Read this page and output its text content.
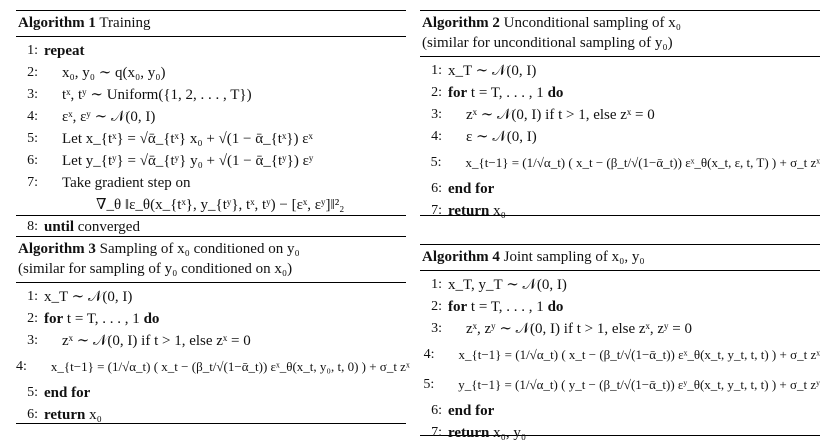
Algorithm 1 Training
1: repeat
2:	x₀, y₀ ∼ q(x₀, y₀)
3:	tˣ, tʸ ∼ Uniform({1, 2, . . . , T})
4:	εˣ, εʸ ∼ 𝒩(0, I)
5:	Let x_{tˣ} = √ᾱ_{tˣ} x₀ + √(1 − ᾱ_{tˣ}) εˣ
6:	Let y_{tʸ} = √ᾱ_{tʸ} y₀ + √(1 − ᾱ_{tʸ}) εʸ
7:	Take gradient step on
∇_θ ‖ε_θ(x_{tˣ}, y_{tʸ}, tˣ, tʸ) − [εˣ, εʸ]‖²₂
8: until
converged
Algorithm 2 Unconditional sampling of x₀
(similar for unconditional sampling of y₀)
1: x_T ∼ 𝒩(0, I)
2: for
t = T, . . . , 1
do
3:	zˣ ∼ 𝒩(0, I) if t > 1, else zˣ = 0
4:	ε ∼ 𝒩(0, I)
5:	x_{t−1} = (1/√α_t) ( x_t − (β_t/√(1−ᾱ_t)) εˣ_θ(x_t, ε, t, T) ) + σ_t zˣ
6: end for
7: return
x₀
Algorithm 3 Sampling of x₀ conditioned on y₀
(similar for sampling of y₀ conditioned on x₀)
1: x_T ∼ 𝒩(0, I)
2: for
t = T, . . . , 1
do
3:	zˣ ∼ 𝒩(0, I) if t > 1, else zˣ = 0
4:	x_{t−1} = (1/√α_t) ( x_t − (β_t/√(1−ᾱ_t)) εˣ_θ(x_t, y₀, t, 0) ) + σ_t zˣ
5: end for
6: return
x₀
Algorithm 4 Joint sampling of x₀, y₀
1: x_T, y_T ∼ 𝒩(0, I)
2: for
t = T, . . . , 1
do
3:	zˣ, zʸ ∼ 𝒩(0, I) if t > 1, else zˣ, zʸ = 0
4:	x_{t−1} = (1/√α_t) ( x_t − (β_t/√(1−ᾱ_t)) εˣ_θ(x_t, y_t, t, t) ) + σ_t zˣ
5:	y_{t−1} = (1/√α_t) ( y_t − (β_t/√(1−ᾱ_t)) εʸ_θ(x_t, y_t, t, t) ) + σ_t zʸ
6: end for
7: return
x₀, y₀
